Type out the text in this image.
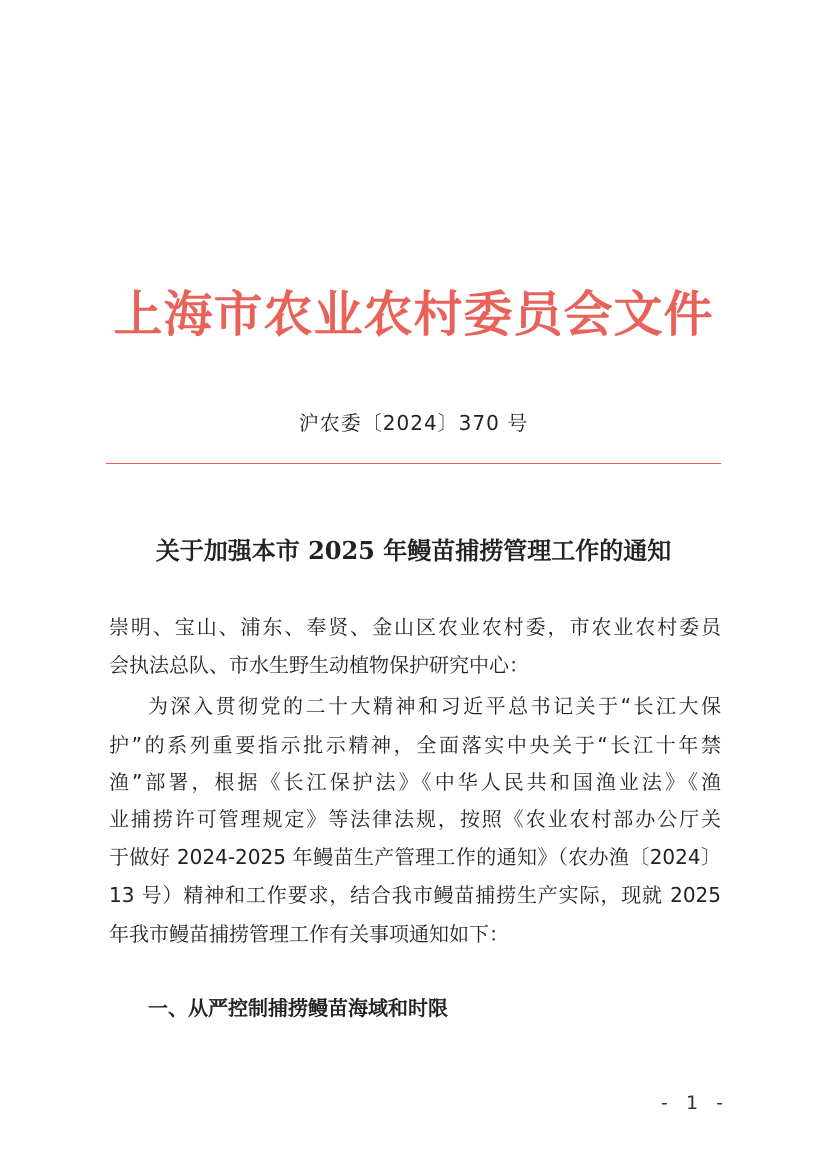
上海市农业农村委员会文件
沪农委〔2024〕370 号
关于加强本市 2025 年鳗苗捕捞管理工作的通知
崇明、宝山、浦东、奉贤、金山区农业农村委，市农业农村委员
会执法总队、市水生野生动植物保护研究中心：
为深入贯彻党的二十大精神和习近平总书记关于“长江大保
护”的系列重要指示批示精神，全面落实中央关于“长江十年禁
渔”部署，根据《长江保护法》《中华人民共和国渔业法》《渔
业捕捞许可管理规定》等法律法规，按照《农业农村部办公厅关
于做好 2024-2025 年鳗苗生产管理工作的通知》（农办渔〔2024〕
13 号）精神和工作要求，结合我市鳗苗捕捞生产实际，现就 2025
年我市鳗苗捕捞管理工作有关事项通知如下：
一、从严控制捕捞鳗苗海域和时限
- 1 -
